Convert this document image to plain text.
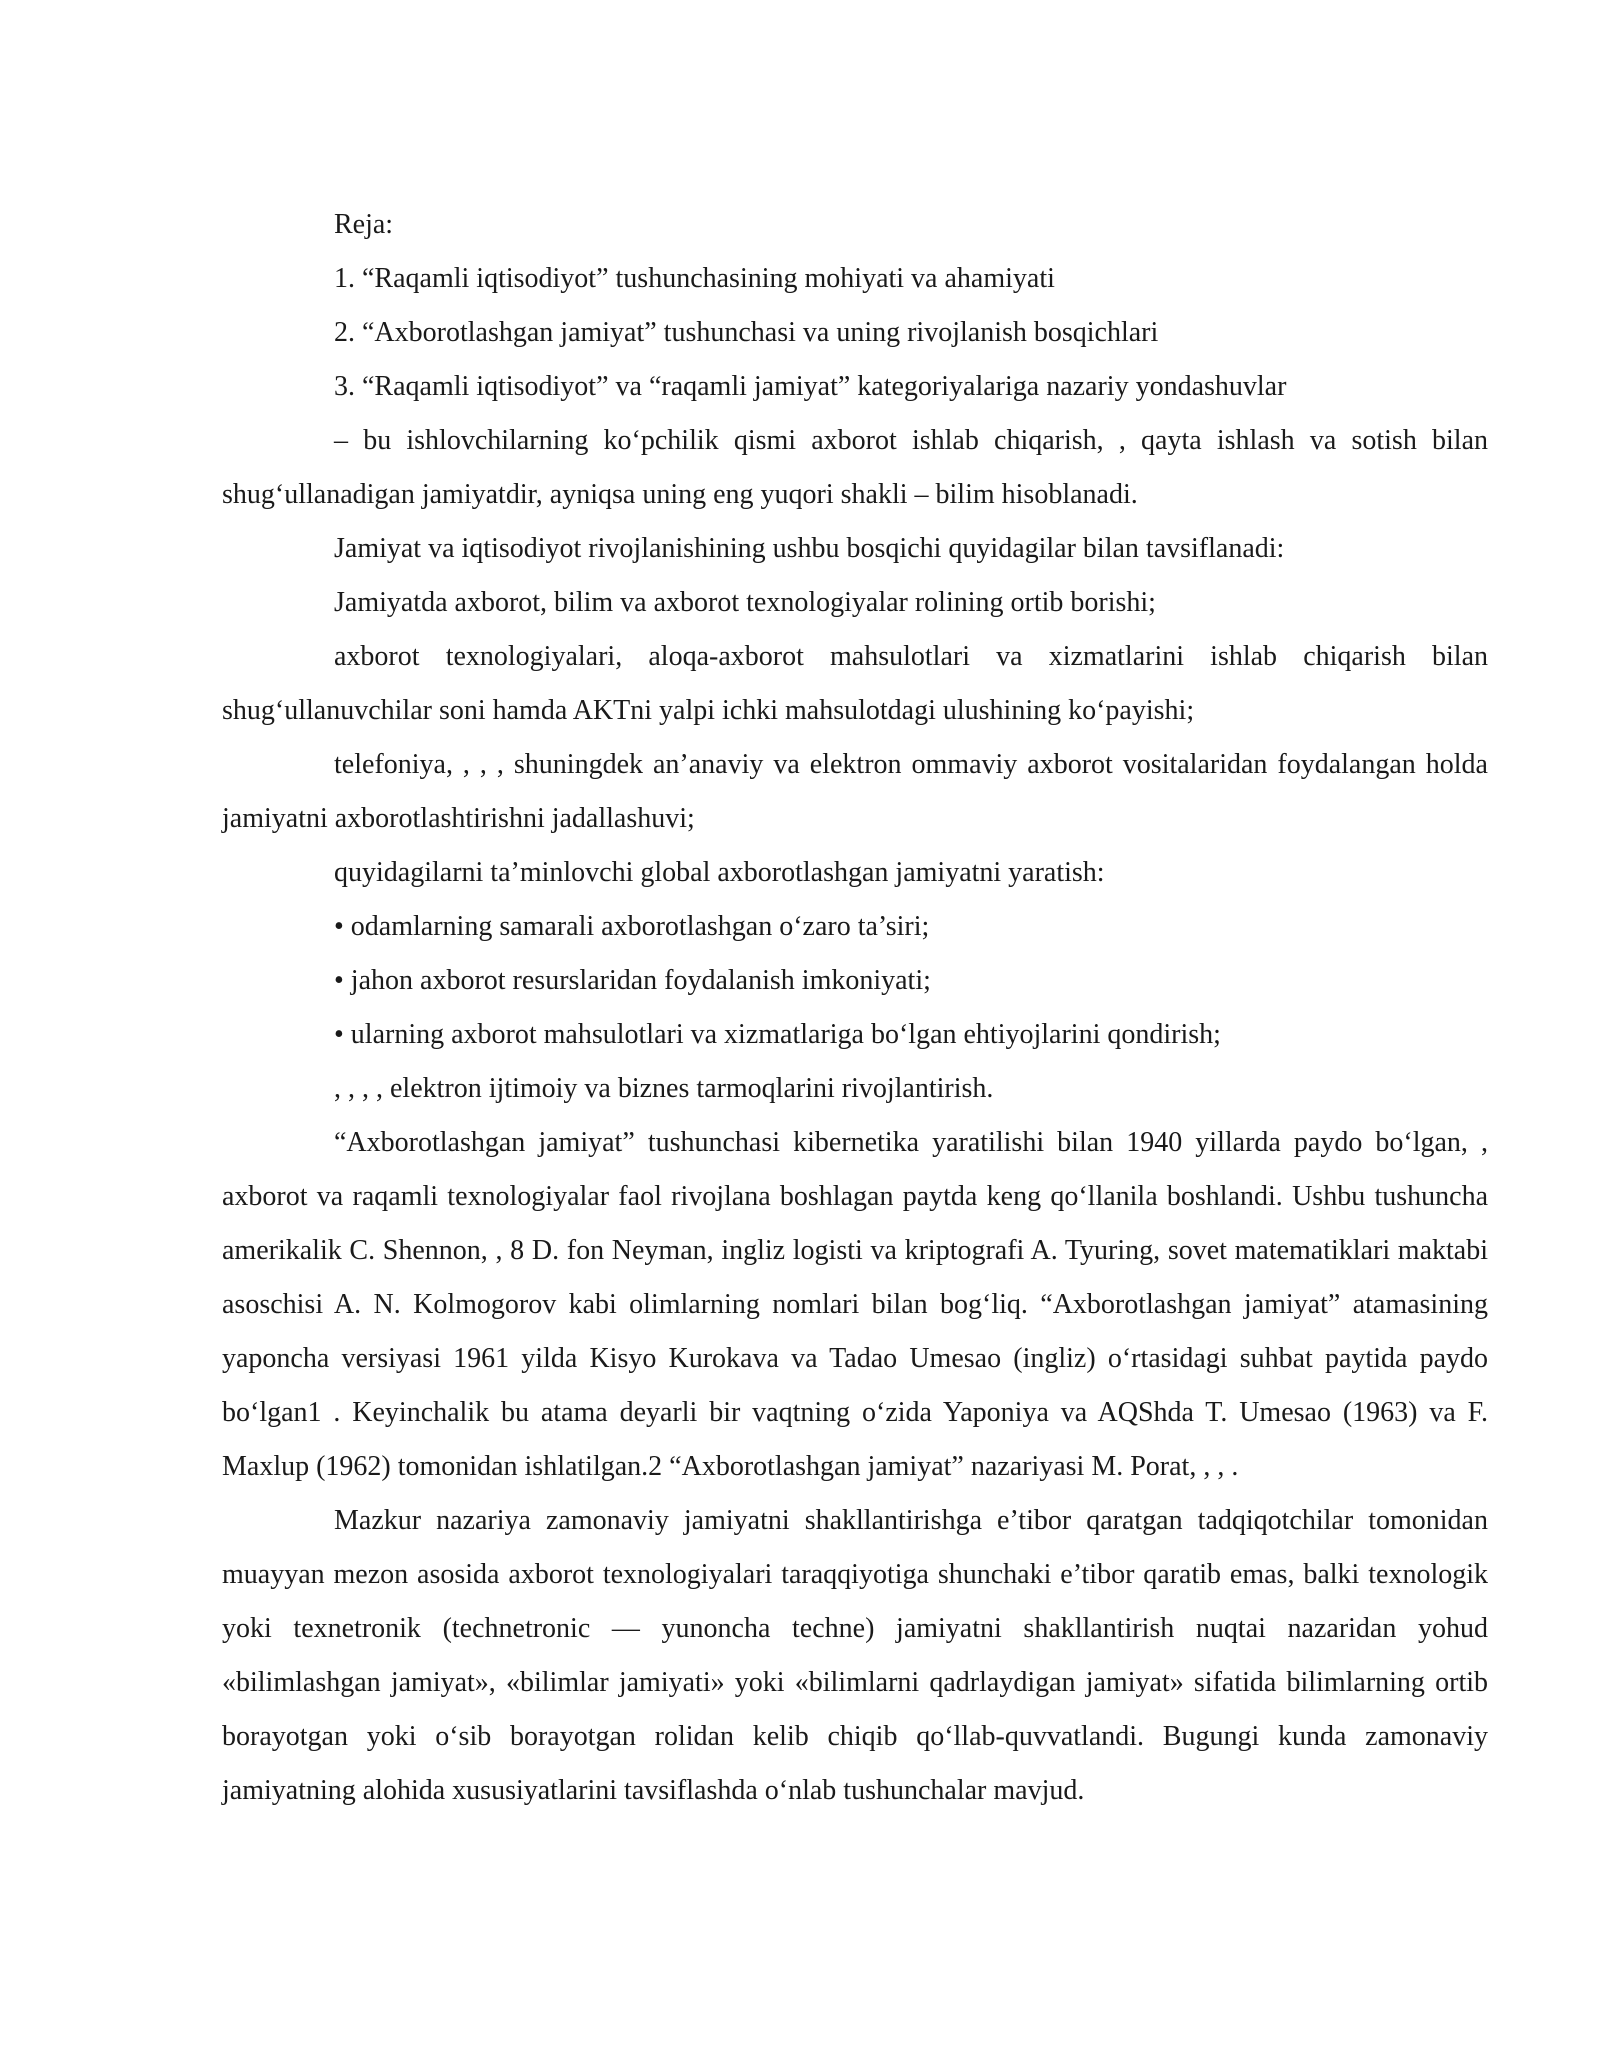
Reja:

1. “Raqamli iqtisodiyot” tushunchasining mohiyati va ahamiyati

2. “Axborotlashgan jamiyat” tushunchasi va uning rivojlanish bosqichlari

3. “Raqamli iqtisodiyot” va “raqamli jamiyat” kategoriyalariga nazariy yondashuvlar

– bu ishlovchilarning ko‘pchilik qismi axborot ishlab chiqarish, , qayta ishlash va sotish bilan shug‘ullanadigan jamiyatdir, ayniqsa uning eng yuqori shakli – bilim hisoblanadi.

Jamiyat va iqtisodiyot rivojlanishining ushbu bosqichi quyidagilar bilan tavsiflanadi:

Jamiyatda axborot, bilim va axborot texnologiyalar rolining ortib borishi;

axborot texnologiyalari, aloqa-axborot mahsulotlari va xizmatlarini ishlab chiqarish bilan shug‘ullanuvchilar soni hamda AKTni yalpi ichki mahsulotdagi ulushining ko‘payishi;

telefoniya, , , , shuningdek an’anaviy va elektron ommaviy axborot vositalaridan foydalangan holda jamiyatni axborotlashtirishni jadallashuvi;

quyidagilarni ta’minlovchi global axborotlashgan jamiyatni yaratish:

• odamlarning samarali axborotlashgan o‘zaro ta’siri;

• jahon axborot resurslaridan foydalanish imkoniyati;

• ularning axborot mahsulotlari va xizmatlariga bo‘lgan ehtiyojlarini qondirish;

, , , , elektron ijtimoiy va biznes tarmoqlarini rivojlantirish.

“Axborotlashgan jamiyat” tushunchasi kibernetika yaratilishi bilan 1940 yillarda paydo bo‘lgan, , axborot va raqamli texnologiyalar faol rivojlana boshlagan paytda keng qo‘llanila boshlandi. Ushbu tushuncha amerikalik C. Shennon, , 8 D. fon Neyman, ingliz logisti va kriptografi A. Tyuring, sovet matematiklari maktabi asoschisi A. N. Kolmogorov kabi olimlarning nomlari bilan bog‘liq. “Axborotlashgan jamiyat” atamasining yaponcha versiyasi 1961 yilda Kisyo Kurokava va Tadao Umesao (ingliz) o‘rtasidagi suhbat paytida paydo bo‘lgan1 . Keyinchalik bu atama deyarli bir vaqtning o‘zida Yaponiya va AQShda T. Umesao (1963) va F. Maxlup (1962) tomonidan ishlatilgan.2 “Axborotlashgan jamiyat” nazariyasi M. Porat, , , .

Mazkur nazariya zamonaviy jamiyatni shakllantirishga e’tibor qaratgan tadqiqotchilar tomonidan muayyan mezon asosida axborot texnologiyalari taraqqiyotiga shunchaki e’tibor qaratib emas, balki texnologik yoki texnetronik (technetronic — yunoncha techne) jamiyatni shakllantirish nuqtai nazaridan yohud «bilimlashgan jamiyat», «bilimlar jamiyati» yoki «bilimlarni qadrlaydigan jamiyat» sifatida bilimlarning ortib borayotgan yoki o‘sib borayotgan rolidan kelib chiqib qo‘llab-quvvatlandi. Bugungi kunda zamonaviy jamiyatning alohida xususiyatlarini tavsiflashda o‘nlab tushunchalar mavjud.
